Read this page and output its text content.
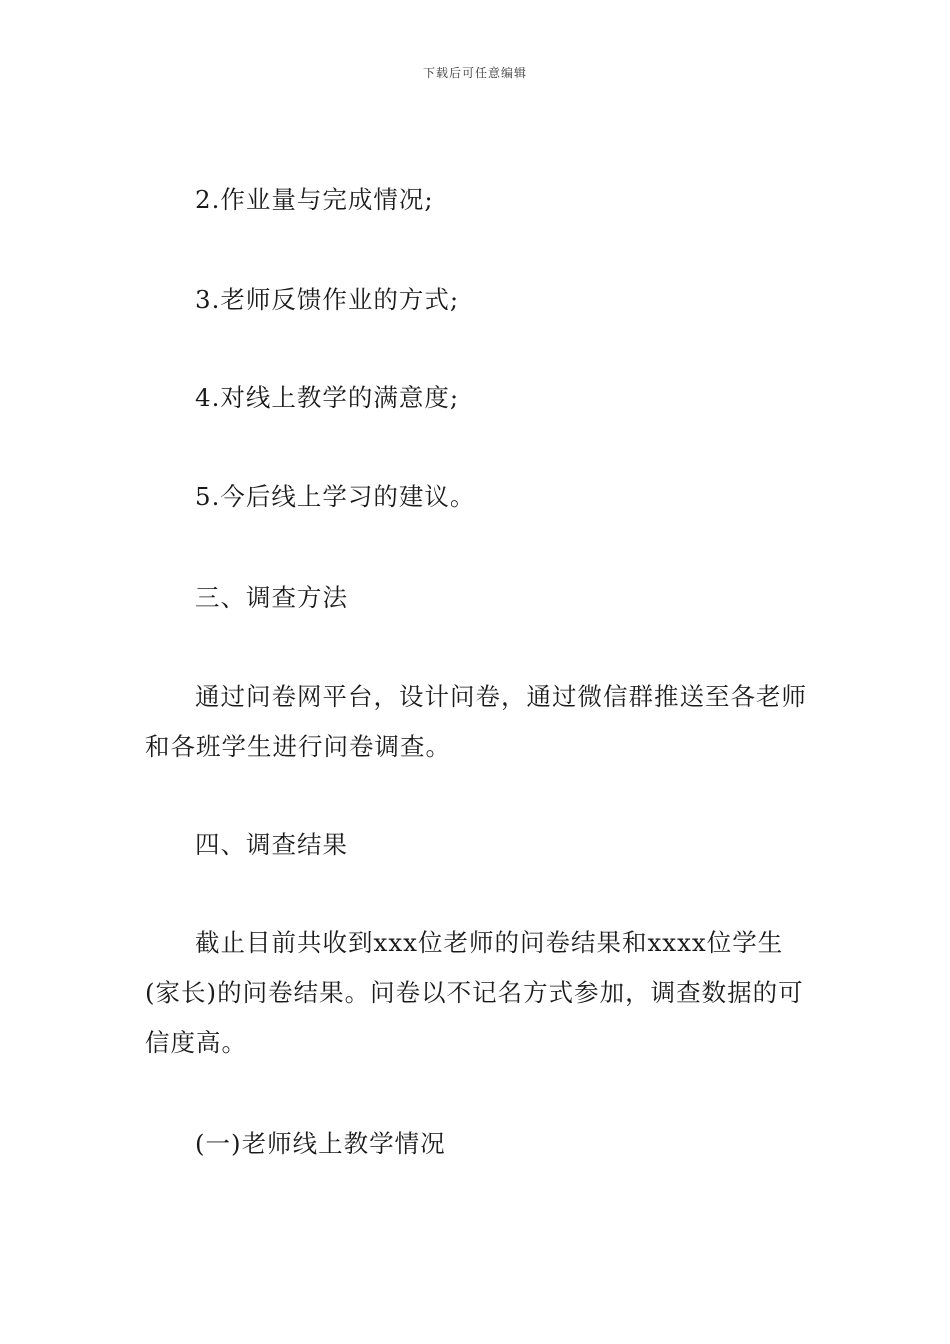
下载后可任意编辑

2.作业量与完成情况;

3.老师反馈作业的方式;

4.对线上教学的满意度;

5.今后线上学习的建议。

三、调查方法

通过问卷网平台，设计问卷，通过微信群推送至各老师和各班学生进行问卷调查。

四、调查结果

截止目前共收到xxx位老师的问卷结果和xxxx位学生(家长)的问卷结果。问卷以不记名方式参加，调查数据的可信度高。

(一)老师线上教学情况
